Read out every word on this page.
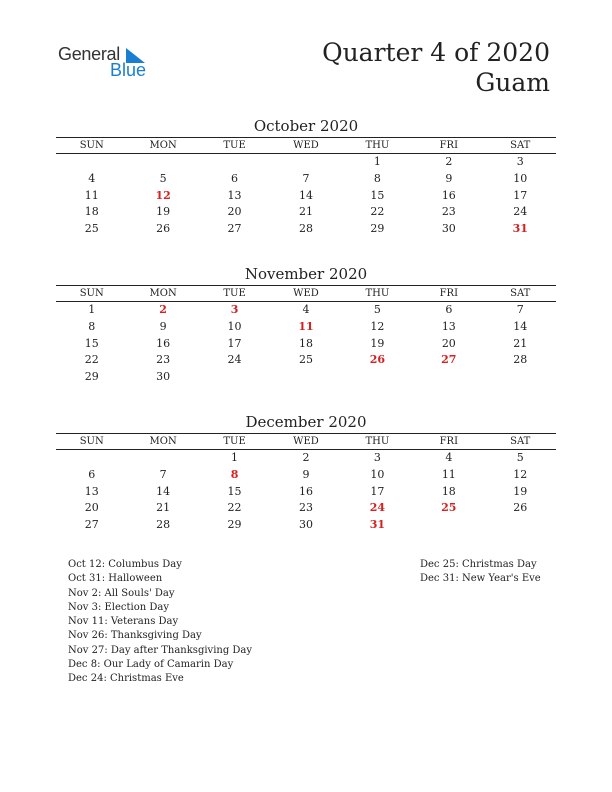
General
Blue
Quarter 4 of 2020
Guam
October 2020
SUN	MON	TUE	WED	THU	FRI	SAT
				1	2	3
4	5	6	7	8	9	10
11	12	13	14	15	16	17
18	19	20	21	22	23	24
25	26	27	28	29	30	31
November 2020
SUN	MON	TUE	WED	THU	FRI	SAT
1	2	3	4	5	6	7
8	9	10	11	12	13	14
15	16	17	18	19	20	21
22	23	24	25	26	27	28
29	30					
December 2020
SUN	MON	TUE	WED	THU	FRI	SAT
		1	2	3	4	5
6	7	8	9	10	11	12
13	14	15	16	17	18	19
20	21	22	23	24	25	26
27	28	29	30	31		
Oct 12: Columbus Day
Oct 31: Halloween
Nov 2: All Souls' Day
Nov 3: Election Day
Nov 11: Veterans Day
Nov 26: Thanksgiving Day
Nov 27: Day after Thanksgiving Day
Dec 8: Our Lady of Camarin Day
Dec 24: Christmas Eve
Dec 25: Christmas Day
Dec 31: New Year's Eve
